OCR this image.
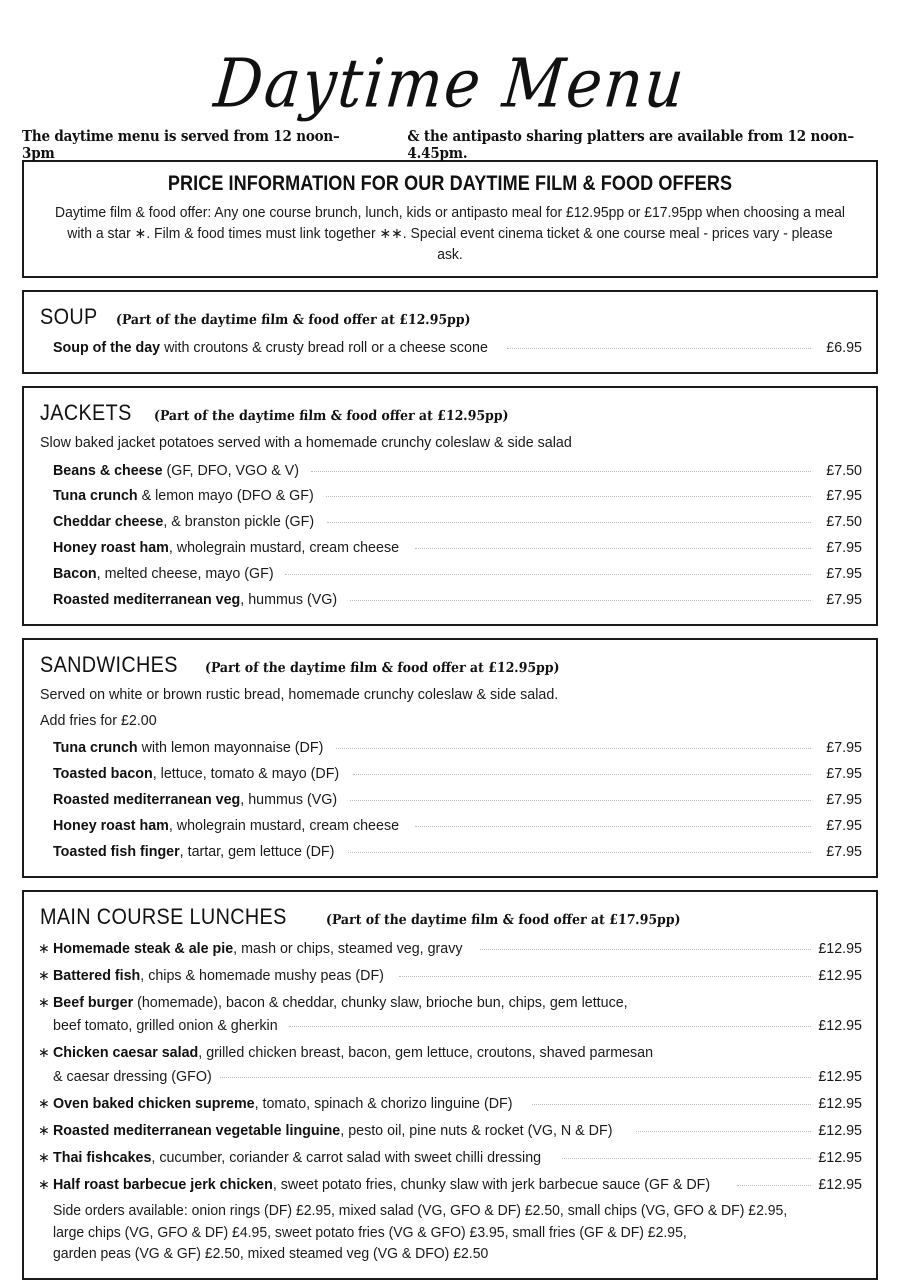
Daytime Menu
The daytime menu is served from 12 noon–3pm
& the antipasto sharing platters are available from 12 noon–4.45pm.
PRICE INFORMATION FOR OUR DAYTIME FILM & FOOD OFFERS
Daytime film & food offer: Any one course brunch, lunch, kids or antipasto meal for £12.95pp or £17.95pp when choosing a meal
with a star ∗. Film & food times must link together ∗∗. Special event cinema ticket & one course meal - prices vary - please ask.
SOUP (Part of the daytime film & food offer at £12.95pp)
Soup of the day with croutons & crusty bread roll or a cheese scone	£6.95
JACKETS (Part of the daytime film & food offer at £12.95pp)
Slow baked jacket potatoes served with a homemade crunchy coleslaw & side salad
Beans & cheese (GF, DFO, VGO & V)	£7.50
Tuna crunch & lemon mayo (DFO & GF)	£7.95
Cheddar cheese, & branston pickle (GF)	£7.50
Honey roast ham, wholegrain mustard, cream cheese	£7.95
Bacon, melted cheese, mayo (GF)	£7.95
Roasted mediterranean veg, hummus (VG)	£7.95
SANDWICHES (Part of the daytime film & food offer at £12.95pp)
Served on white or brown rustic bread, homemade crunchy coleslaw & side salad.
Add fries for £2.00
Tuna crunch with lemon mayonnaise (DF)	£7.95
Toasted bacon, lettuce, tomato & mayo (DF)	£7.95
Roasted mediterranean veg, hummus (VG)	£7.95
Honey roast ham, wholegrain mustard, cream cheese	£7.95
Toasted fish finger, tartar, gem lettuce (DF)	£7.95
MAIN COURSE LUNCHES	(Part of the daytime film & food offer at £17.95pp)
∗ Homemade steak & ale pie, mash or chips, steamed veg, gravy	£12.95
∗ Battered fish, chips & homemade mushy peas (DF)	£12.95
∗ Beef burger (homemade), bacon & cheddar, chunky slaw, brioche bun, chips, gem lettuce,
beef tomato, grilled onion & gherkin	£12.95
∗ Chicken caesar salad, grilled chicken breast, bacon, gem lettuce, croutons, shaved parmesan
& caesar dressing (GFO)	£12.95
∗ Oven baked chicken supreme, tomato, spinach & chorizo linguine (DF)	£12.95
∗ Roasted mediterranean vegetable linguine, pesto oil, pine nuts & rocket (VG, N & DF)	£12.95
∗ Thai fishcakes, cucumber, coriander & carrot salad with sweet chilli dressing	£12.95
∗ Half roast barbecue jerk chicken, sweet potato fries, chunky slaw with jerk barbecue sauce (GF & DF)	£12.95
Side orders available: onion rings (DF) £2.95, mixed salad (VG, GFO & DF) £2.50, small chips (VG, GFO & DF) £2.95,
large chips (VG, GFO & DF) £4.95, sweet potato fries (VG & GFO) £3.95, small fries (GF & DF) £2.95,
garden peas (VG & GF) £2.50, mixed steamed veg (VG & DFO) £2.50
